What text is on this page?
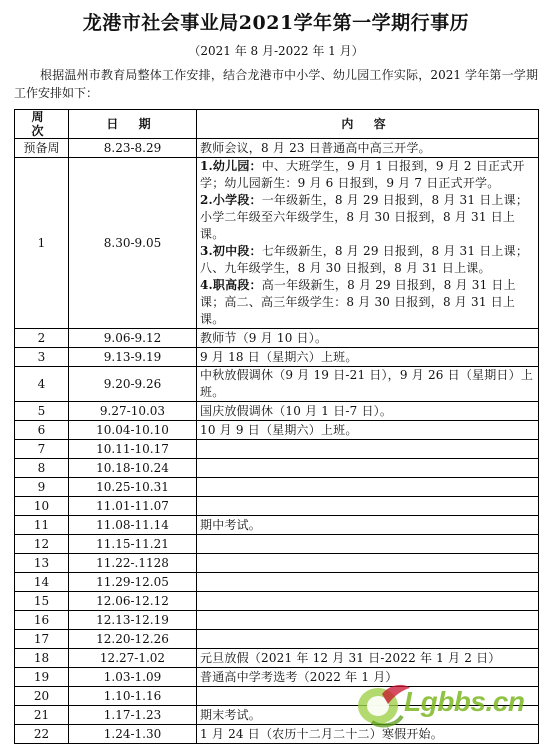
龙港市社会事业局2021学年第一学期行事历
（2021 年 8 月-2022 年 1 月）
根据温州市教育局整体工作安排，结合龙港市中小学、幼儿园工作实际，2021 学年第一学期工作安排如下：
周 次	日 期	内 容
预备周	8.23-8.29	教师会议，8 月 23 日普通高中高三开学。
1	8.30-9.05	1.幼儿园：中、大班学生，9 月 1 日报到，9 月 2 日正式开学；幼儿园新生：9 月 6 日报到，9 月 7 日正式开学。
2.小学段：一年级新生，8 月 29 日报到，8 月 31 日上课；小学二年级至六年级学生，8 月 30 日报到，8 月 31 日上课。
3.初中段：七年级新生，8 月 29 日报到，8 月 31 日上课；八、九年级学生，8 月 30 日报到，8 月 31 日上课。
4.职高段：高一年级新生，8 月 29 日报到，8 月 31 日上课；高二、高三年级学生：8 月 30 日报到，8 月 31 日上课。

2	9.06-9.12	教师节（9 月 10 日）。
3	9.13-9.19	9 月 18 日（星期六）上班。
4	9.20-9.26	中秋放假调休（9 月 19 日-21 日），9 月 26 日（星期日）上班。
5	9.27-10.03	国庆放假调休（10 月 1 日-7 日）。
6	10.04-10.10	10 月 9 日（星期六）上班。
7	10.11-10.17	
8	10.18-10.24	
9	10.25-10.31	
10	11.01-11.07	
11	11.08-11.14	期中考试。
12	11.15-11.21	
13	11.22-.1128	
14	11.29-12.05	
15	12.06-12.12	
16	12.13-12.19	
17	12.20-12.26	
18	12.27-1.02	元旦放假（2021 年 12 月 31 日-2022 年 1 月 2 日）
19	1.03-1.09	普通高中学考选考（2022 年 1 月）
20	1.10-1.16	
21	1.17-1.23	期末考试。
22	1.24-1.30	1 月 24 日（农历十二月二十二）寒假开始。
Lgbbs.cn
